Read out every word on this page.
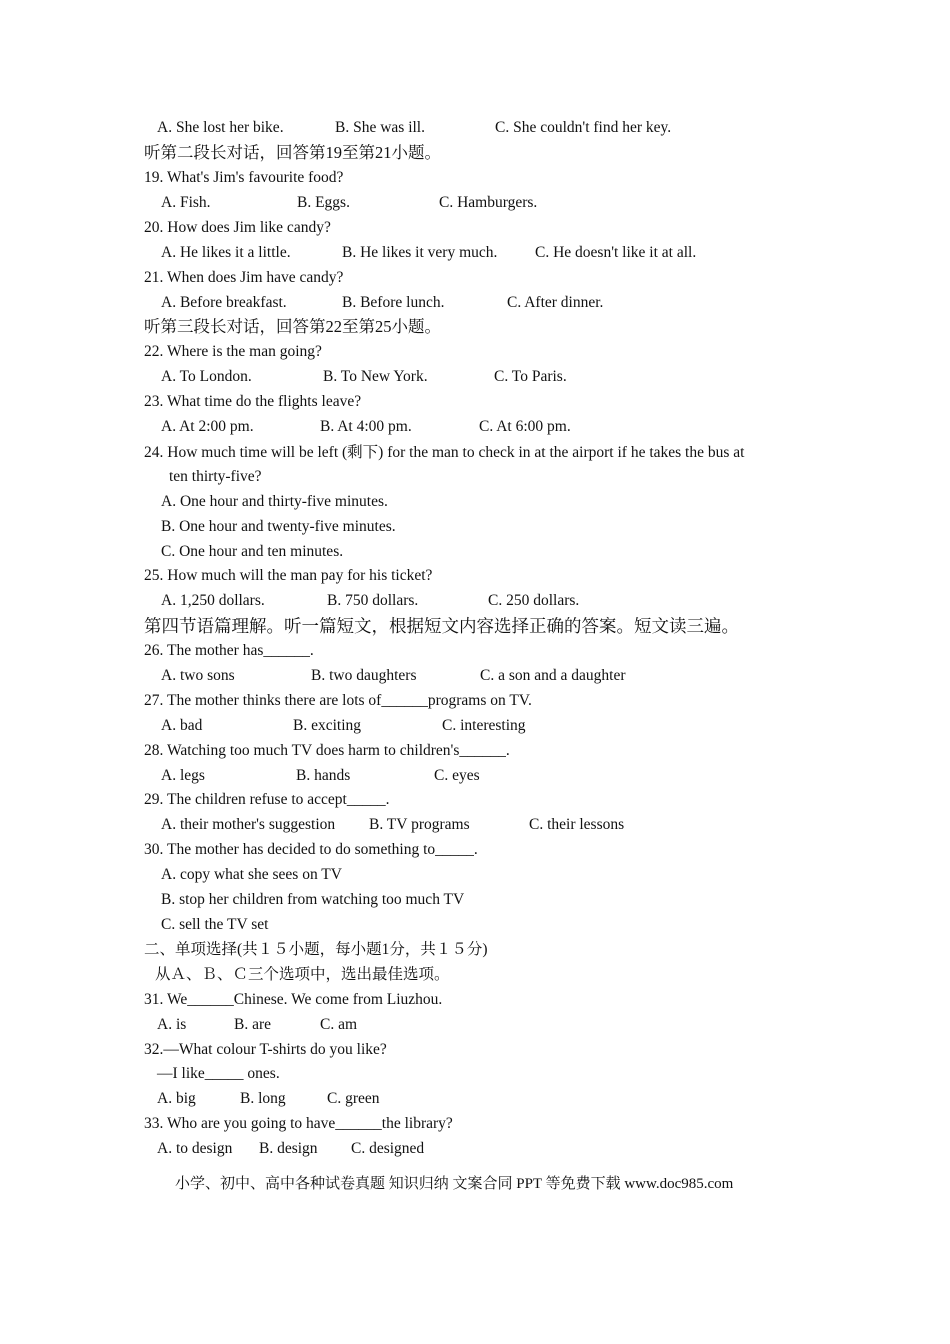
A. She lost her bike.	B. She was ill.	C. She couldn't find her key.
听第二段长对话，回答第19至第21小题。
19. What's Jim's favourite food?
A. Fish.	B. Eggs.	C. Hamburgers.
20. How does Jim like candy?
A. He likes it a little.	B. He likes it very much. C. He doesn't like it at all.
21. When does Jim have candy?
A. Before breakfast.	B. Before lunch.	C. After dinner.
听第三段长对话，回答第22至第25小题。
22. Where is the man going?
A. To London.	B. To New York.	C. To Paris.
23. What time do the flights leave?
A. At 2:00 pm.	B. At 4:00 pm.	C. At 6:00 pm.
24. How much time will be left (剩下) for the man to check in at the airport if he takes the bus at
ten thirty-five?
A. One hour and thirty-five minutes.
B. One hour and twenty-five minutes.
C. One hour and ten minutes.
25. How much will the man pay for his ticket?
A. 1,250 dollars.	B. 750 dollars.	C. 250 dollars.
第四节语篇理解。听一篇短文，根据短文内容选择正确的答案。短文读三遍。
26. The mother has______.
A. two sons	B. two daughters	C. a son and a daughter
27. The mother thinks there are lots of______programs on TV.
A. bad	B. exciting	C. interesting
28. Watching too much TV does harm to children's______.
A. legs	B. hands	C. eyes
29. The children refuse to accept_____.
A. their mother's suggestion B. TV programs	C. their lessons
30. The mother has decided to do something to_____.
A. copy what she sees on TV
B. stop her children from watching too much TV
C. sell the TV set
二、单项选择(共１５小题，每小题1分，共１５分)
从Ａ、Ｂ、Ｃ三个选项中，选出最佳选项。
31. We______Chinese. We come from Liuzhou.
A. is	B. are	C. am
32.—What colour T-shirts do you like?
—I like_____ ones.
A. big	B. long	C. green
33. Who are you going to have______the library?
A. to design B. design C. designed
小学、初中、高中各种试卷真题 知识归纳 文案合同 PPT 等免费下载 www.doc985.com
